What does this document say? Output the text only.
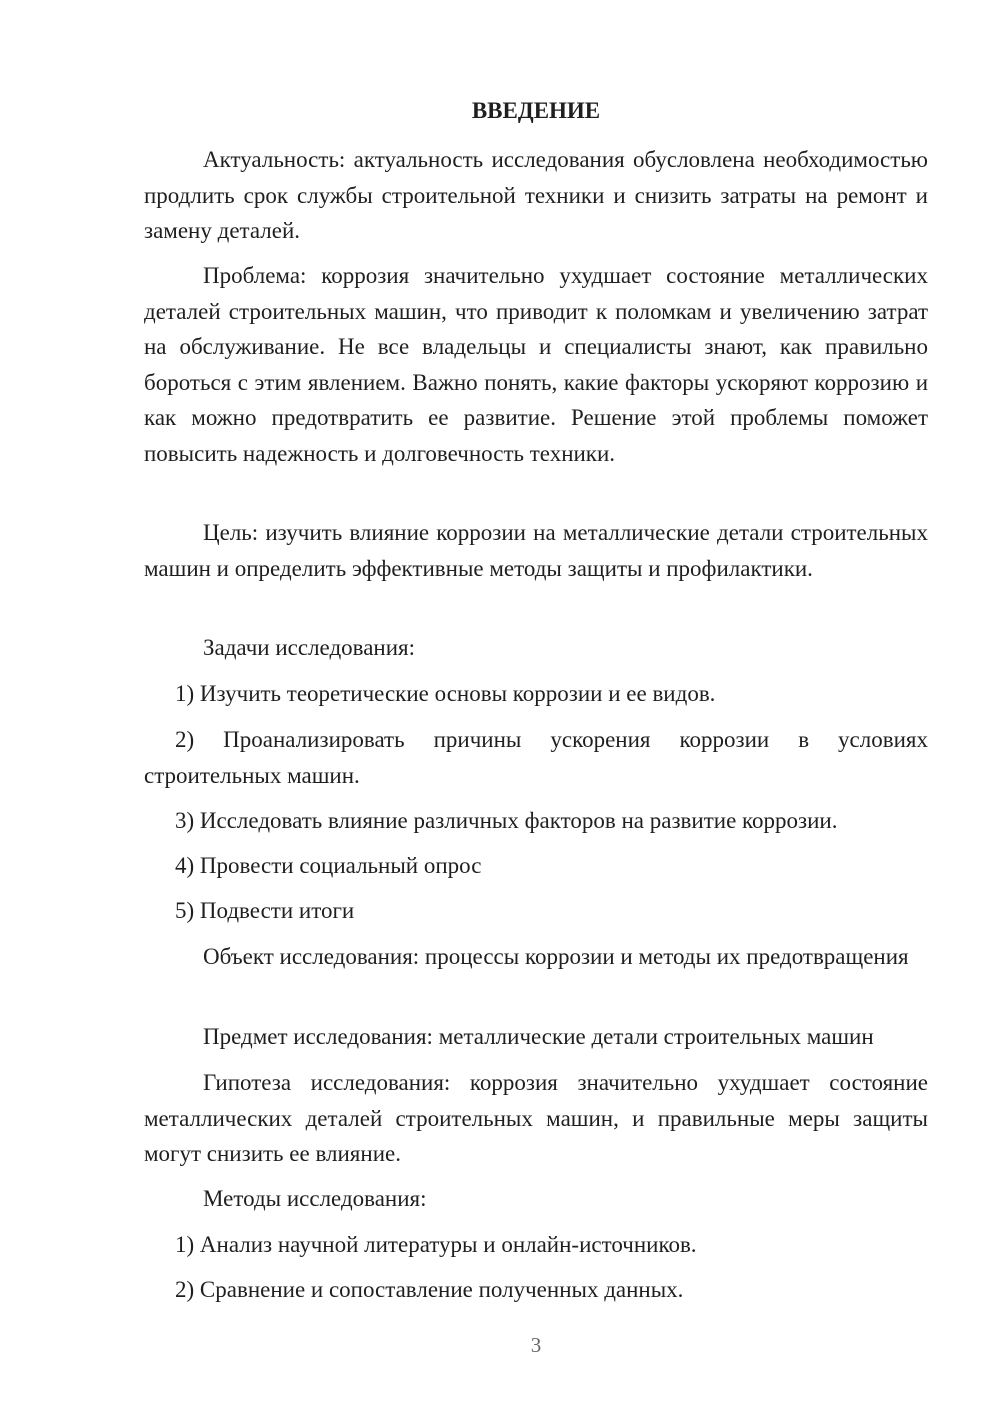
ВВЕДЕНИЕ

Актуальность: актуальность исследования обусловлена необходимостью продлить срок службы строительной техники и снизить затраты на ремонт и замену деталей.

Проблема: коррозия значительно ухудшает состояние металлических деталей строительных машин, что приводит к поломкам и увеличению затрат на обслуживание. Не все владельцы и специалисты знают, как правильно бороться с этим явлением. Важно понять, какие факторы ускоряют коррозию и как можно предотвратить ее развитие. Решение этой проблемы поможет повысить надежность и долговечность техники.

Цель: изучить влияние коррозии на металлические детали строительных машин и определить эффективные методы защиты и профилактики.

Задачи исследования:

1) Изучить теоретические основы коррозии и ее видов.

2) Проанализировать причины ускорения коррозии в условиях строительных машин.

3) Исследовать влияние различных факторов на развитие коррозии.

4) Провести социальный опрос

5) Подвести итоги

Объект исследования: процессы коррозии и методы их предотвращения

Предмет исследования: металлические детали строительных машин

Гипотеза исследования: коррозия значительно ухудшает состояние металлических деталей строительных машин, и правильные меры защиты могут снизить ее влияние.

Методы исследования:

1) Анализ научной литературы и онлайн-источников.

2) Сравнение и сопоставление полученных данных.

3
